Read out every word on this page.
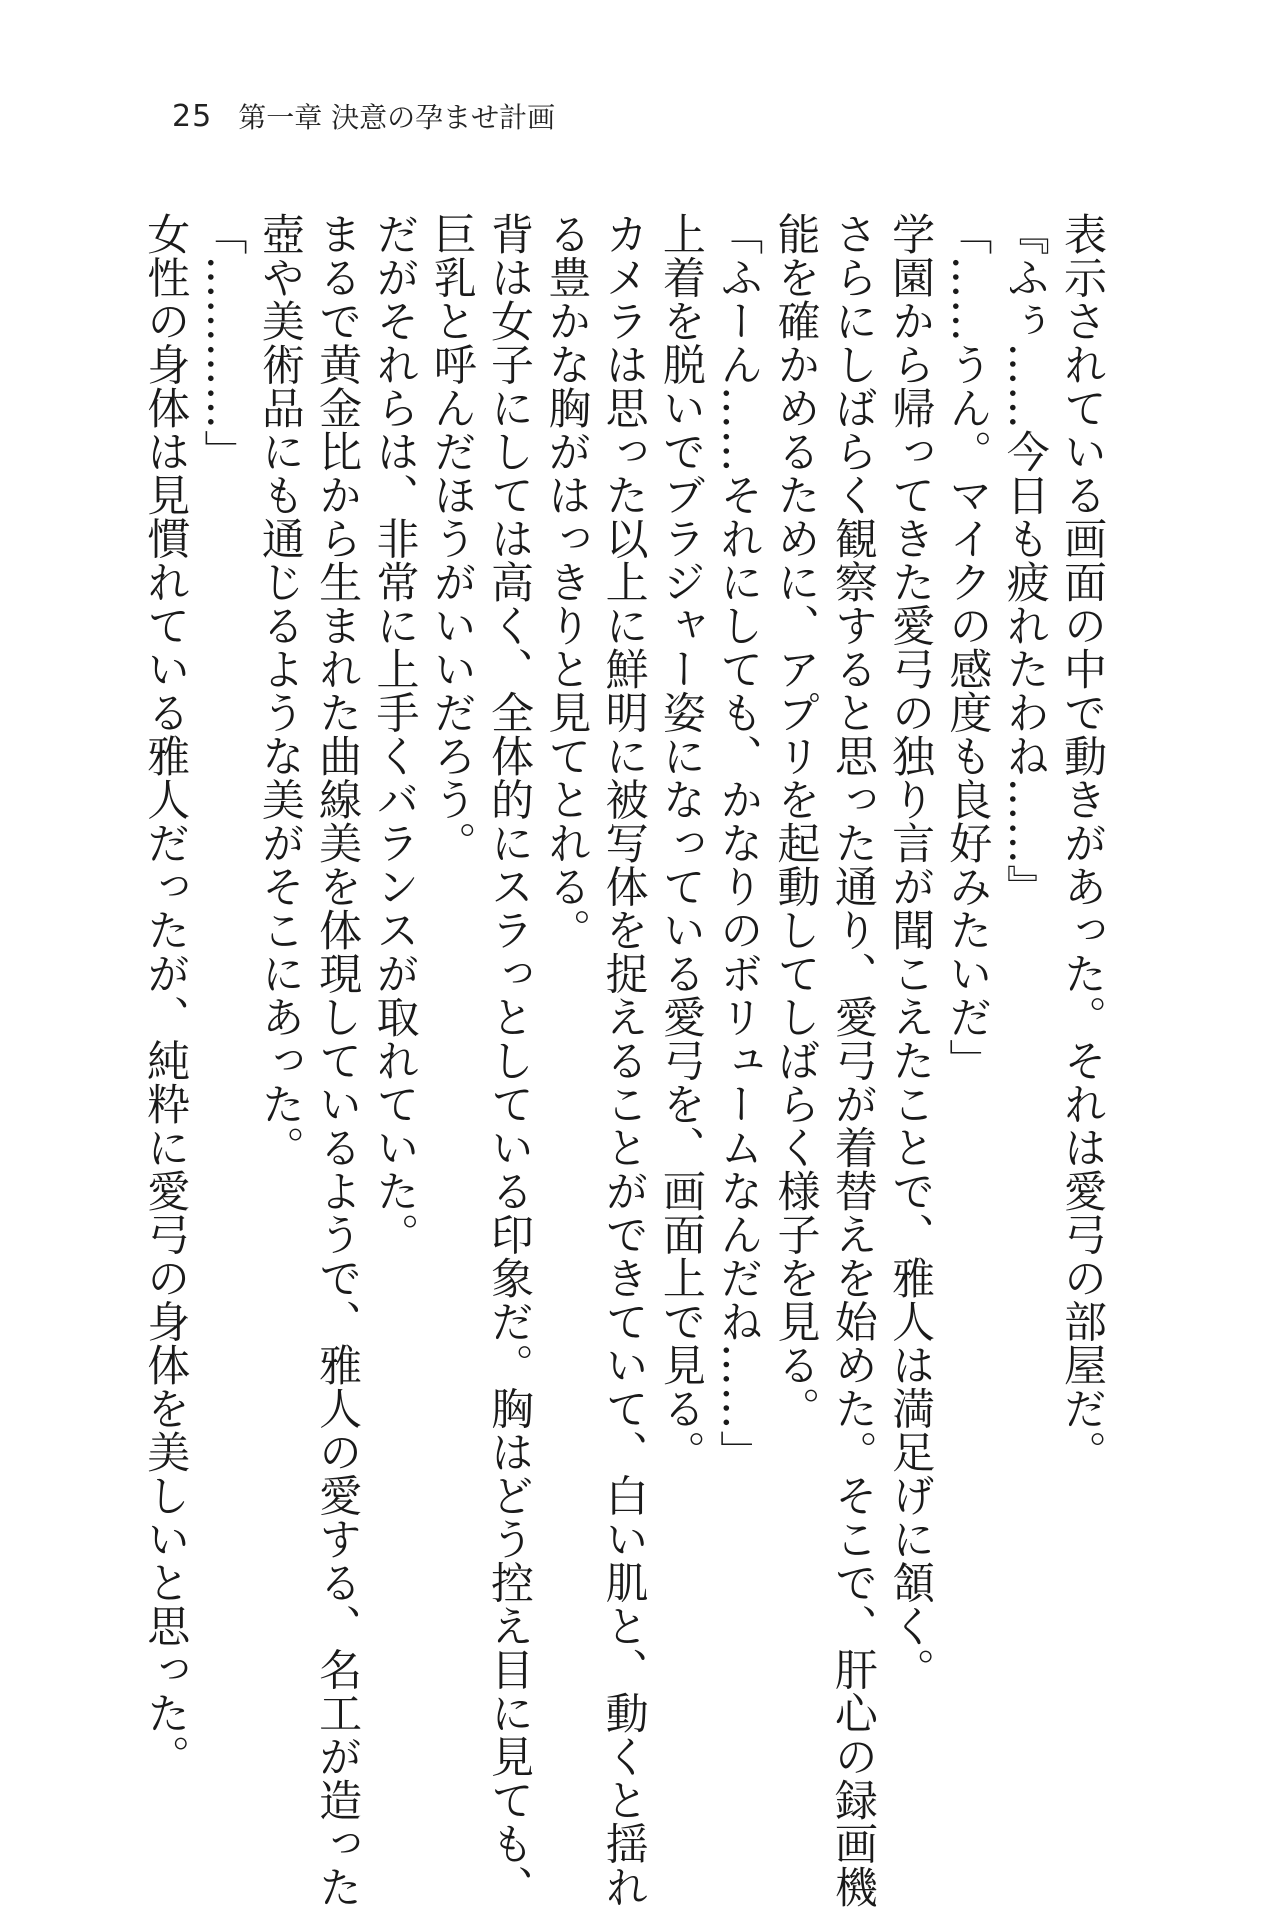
25 第一章 決意の孕ませ計画
表示されている画面の中で動きがあった。それは愛弓の部屋だ。
『ふぅ……今日も疲れたわね……』
「……うん。マイクの感度も良好みたいだ」
学園から帰ってきた愛弓の独り言が聞こえたことで、雅人は満足げに頷く。
さらにしばらく観察すると思った通り、愛弓が着替えを始めた。そこで、肝心の録画機
能を確かめるために、アプリを起動してしばらく様子を見る。
「ふーん……それにしても、かなりのボリュームなんだね……」
上着を脱いでブラジャー姿になっている愛弓を、画面上で見る。
カメラは思った以上に鮮明に被写体を捉えることができていて、白い肌と、動くと揺れ
る豊かな胸がはっきりと見てとれる。
背は女子にしては高く、全体的にスラっとしている印象だ。胸はどう控え目に見ても、
巨乳と呼んだほうがいいだろう。
だがそれらは、非常に上手くバランスが取れていた。
まるで黄金比から生まれた曲線美を体現しているようで、雅人の愛する、名工が造った
壺や美術品にも通じるような美がそこにあった。
「…………」
女性の身体は見慣れている雅人だったが、純粋に愛弓の身体を美しいと思った。
